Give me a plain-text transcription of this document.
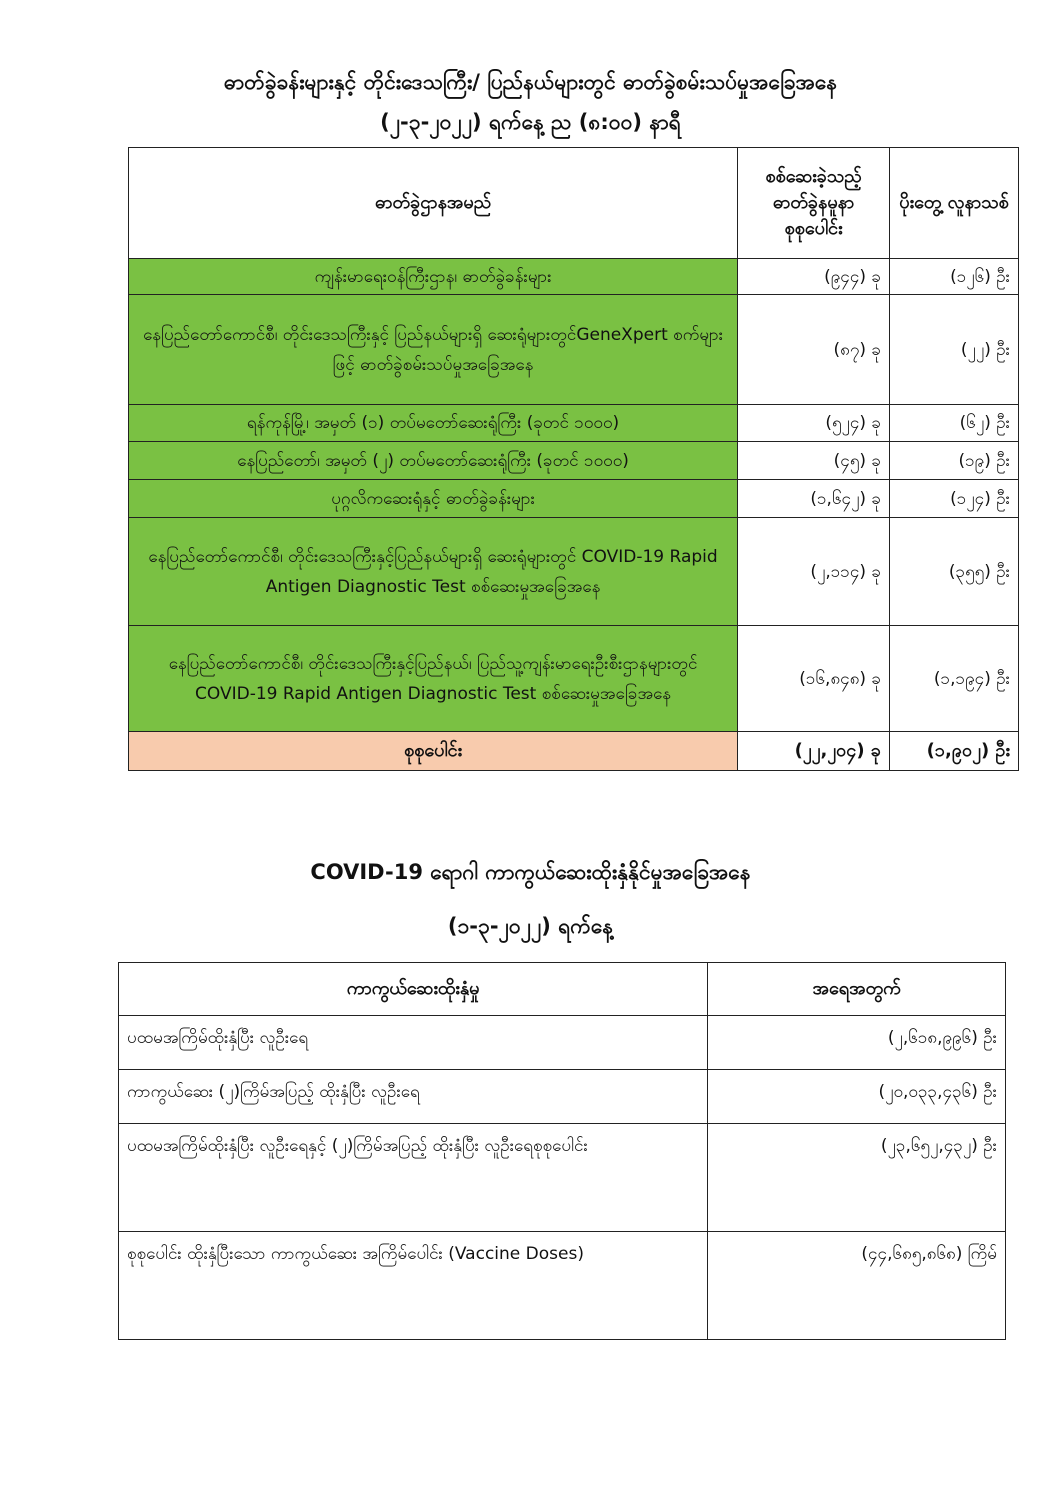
ဓာတ်ခွဲခန်းများနှင့် တိုင်းဒေသကြီး/ ပြည်နယ်များတွင် ဓာတ်ခွဲစမ်းသပ်မှုအခြေအနေ
(၂-၃-၂၀၂၂) ရက်နေ့ ည (၈:၀၀) နာရီ
ဓာတ်ခွဲဌာနအမည်	စစ်ဆေးခဲ့သည့် ဓာတ်ခွဲနမူနာ စုစုပေါင်း	ပိုးတွေ့ လူနာသစ်
ကျန်းမာရေးဝန်ကြီးဌာန၊ ဓာတ်ခွဲခန်းများ	(၉၄၄) ခု	(၁၂၆) ဦး
နေပြည်တော်ကောင်စီ၊ တိုင်းဒေသကြီးနှင့် ပြည်နယ်များရှိ ဆေးရုံများတွင်GeneXpert စက်များဖြင့် ဓာတ်ခွဲစမ်းသပ်မှုအခြေအနေ	(၈၇) ခု	(၂၂) ဦး
ရန်ကုန်မြို့၊ အမှတ် (၁) တပ်မတော်ဆေးရုံကြီး (ခုတင် ၁၀၀၀)	(၅၂၄) ခု	(၆၂) ဦး
နေပြည်တော်၊ အမှတ် (၂) တပ်မတော်ဆေးရုံကြီး (ခုတင် ၁၀၀၀)	(၄၅) ခု	(၁၉) ဦး
ပုဂ္ဂလိကဆေးရုံနှင့် ဓာတ်ခွဲခန်းများ	(၁,၆၄၂) ခု	(၁၂၄) ဦး
နေပြည်တော်ကောင်စီ၊ တိုင်းဒေသကြီးနှင့်ပြည်နယ်များရှိ ဆေးရုံများတွင် COVID-19 Rapid Antigen Diagnostic Test စစ်ဆေးမှုအခြေအနေ	(၂,၁၁၄) ခု	(၃၅၅) ဦး
နေပြည်တော်ကောင်စီ၊ တိုင်းဒေသကြီးနှင့်ပြည်နယ်၊ ပြည်သူ့ကျန်းမာရေးဦးစီးဌာနများတွင် COVID-19 Rapid Antigen Diagnostic Test စစ်ဆေးမှုအခြေအနေ	(၁၆,၈၄၈) ခု	(၁,၁၉၄) ဦး
စုစုပေါင်း	(၂၂,၂၀၄) ခု	(၁,၉၀၂) ဦး
COVID-19 ရောဂါ ကာကွယ်ဆေးထိုးနှံနိုင်မှုအခြေအနေ
(၁-၃-၂၀၂၂) ရက်နေ့
ကာကွယ်ဆေးထိုးနှံမှု	အရေအတွက်
ပထမအကြိမ်ထိုးနှံပြီး လူဦးရေ	(၂,၆၁၈,၉၉၆) ဦး
ကာကွယ်ဆေး (၂)ကြိမ်အပြည့် ထိုးနှံပြီး လူဦးရေ	(၂၀,၀၃၃,၄၃၆) ဦး
ပထမအကြိမ်ထိုးနှံပြီး လူဦးရေနှင့် (၂)ကြိမ်အပြည့် ထိုးနှံပြီး လူဦးရေစုစုပေါင်း	(၂၃,၆၅၂,၄၃၂) ဦး
စုစုပေါင်း ထိုးနှံပြီးသော ကာကွယ်ဆေး အကြိမ်ပေါင်း (Vaccine Doses)	(၄၄,၆၈၅,၈၆၈) ကြိမ်
